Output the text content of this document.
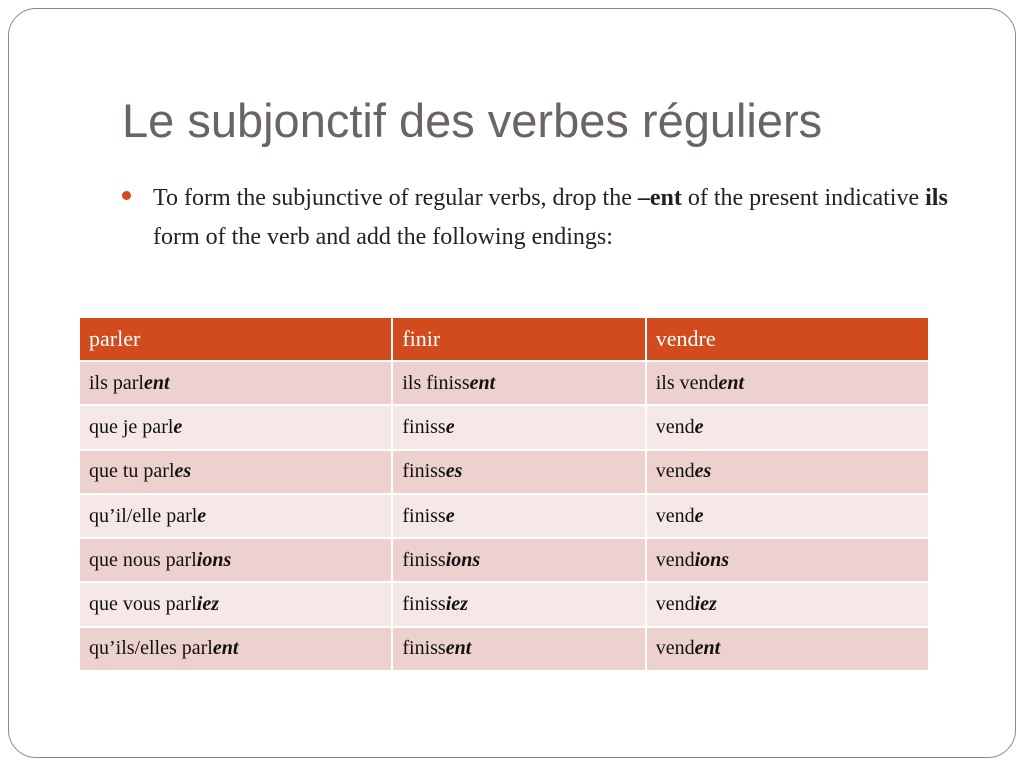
Le subjonctif des verbes réguliers
To form the subjunctive of regular verbs, drop the –ent of the present indicative ils form of the verb and add the following endings:
parler	finir	vendre
ils parlent	ils finissent	ils vendent
que je parle	finisse	vende
que tu parles	finisses	vendes
qu’il/elle parle	finisse	vende
que nous parlions	finissions	vendions
que vous parliez	finissiez	vendiez
qu’ils/elles parlent	finissent	vendent
